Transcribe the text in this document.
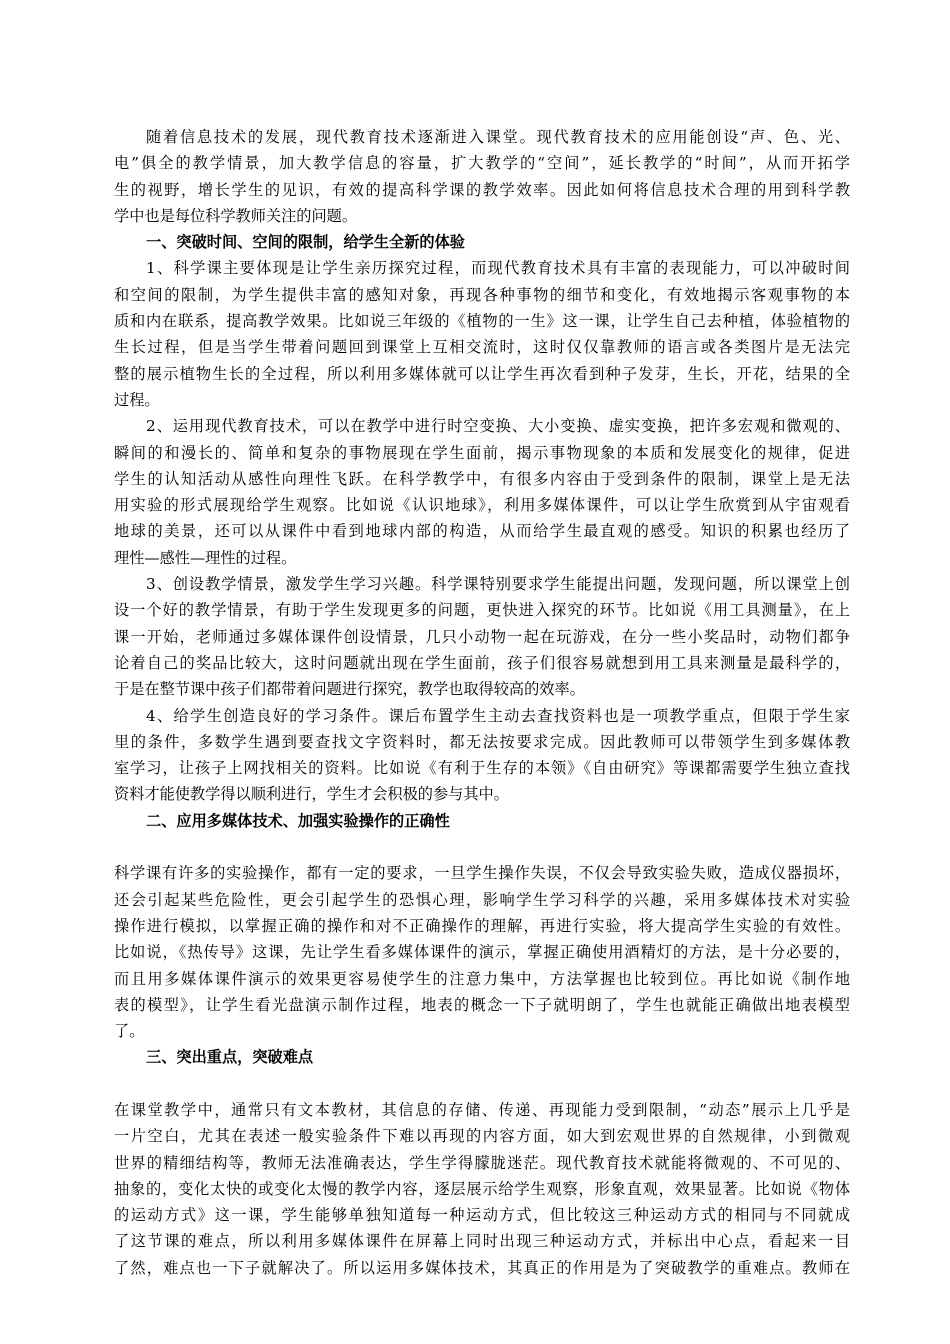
随着信息技术的发展，现代教育技术逐渐进入课堂。现代教育技术的应用能创设“声、色、光、
电”俱全的教学情景，加大教学信息的容量，扩大教学的“空间”，延长教学的“时间”，从而开拓学
生的视野，增长学生的见识，有效的提高科学课的教学效率。因此如何将信息技术合理的用到科学教
学中也是每位科学教师关注的问题。
一、突破时间、空间的限制，给学生全新的体验
1、科学课主要体现是让学生亲历探究过程，而现代教育技术具有丰富的表现能力，可以冲破时间
和空间的限制，为学生提供丰富的感知对象，再现各种事物的细节和变化，有效地揭示客观事物的本
质和内在联系，提高教学效果。比如说三年级的《植物的一生》这一课，让学生自己去种植，体验植物的
生长过程，但是当学生带着问题回到课堂上互相交流时，这时仅仅靠教师的语言或各类图片是无法完
整的展示植物生长的全过程，所以利用多媒体就可以让学生再次看到种子发芽，生长，开花，结果的全
过程。
2、运用现代教育技术，可以在教学中进行时空变换、大小变换、虚实变换，把许多宏观和微观的、
瞬间的和漫长的、简单和复杂的事物展现在学生面前，揭示事物现象的本质和发展变化的规律，促进
学生的认知活动从感性向理性飞跃。在科学教学中，有很多内容由于受到条件的限制，课堂上是无法
用实验的形式展现给学生观察。比如说《认识地球》，利用多媒体课件，可以让学生欣赏到从宇宙观看
地球的美景，还可以从课件中看到地球内部的构造，从而给学生最直观的感受。知识的积累也经历了
理性—感性—理性的过程。
3、创设教学情景，激发学生学习兴趣。科学课特别要求学生能提出问题，发现问题，所以课堂上创
设一个好的教学情景，有助于学生发现更多的问题，更快进入探究的环节。比如说《用工具测量》，在上
课一开始，老师通过多媒体课件创设情景，几只小动物一起在玩游戏，在分一些小奖品时，动物们都争
论着自己的奖品比较大，这时问题就出现在学生面前，孩子们很容易就想到用工具来测量是最科学的，
于是在整节课中孩子们都带着问题进行探究，教学也取得较高的效率。
4、给学生创造良好的学习条件。课后布置学生主动去查找资料也是一项教学重点，但限于学生家
里的条件，多数学生遇到要查找文字资料时，都无法按要求完成。因此教师可以带领学生到多媒体教
室学习，让孩子上网找相关的资料。比如说《有利于生存的本领》《自由研究》等课都需要学生独立查找
资料才能使教学得以顺利进行，学生才会积极的参与其中。
二、应用多媒体技术、加强实验操作的正确性
科学课有许多的实验操作，都有一定的要求，一旦学生操作失误，不仅会导致实验失败，造成仪器损坏，
还会引起某些危险性，更会引起学生的恐惧心理，影响学生学习科学的兴趣，采用多媒体技术对实验
操作进行模拟，以掌握正确的操作和对不正确操作的理解，再进行实验，将大提高学生实验的有效性。
比如说，《热传导》这课，先让学生看多媒体课件的演示，掌握正确使用酒精灯的方法，是十分必要的，
而且用多媒体课件演示的效果更容易使学生的注意力集中，方法掌握也比较到位。再比如说《制作地
表的模型》，让学生看光盘演示制作过程，地表的概念一下子就明朗了，学生也就能正确做出地表模型
了。
三、突出重点，突破难点
在课堂教学中，通常只有文本教材，其信息的存储、传递、再现能力受到限制，“动态”展示上几乎是
一片空白，尤其在表述一般实验条件下难以再现的内容方面，如大到宏观世界的自然规律，小到微观
世界的精细结构等，教师无法准确表达，学生学得朦胧迷茫。现代教育技术就能将微观的、不可见的、
抽象的，变化太快的或变化太慢的教学内容，逐层展示给学生观察，形象直观，效果显著。比如说《物体
的运动方式》这一课，学生能够单独知道每一种运动方式，但比较这三种运动方式的相同与不同就成
了这节课的难点，所以利用多媒体课件在屏幕上同时出现三种运动方式，并标出中心点，看起来一目
了然，难点也一下子就解决了。所以运用多媒体技术，其真正的作用是为了突破教学的重难点。教师在
